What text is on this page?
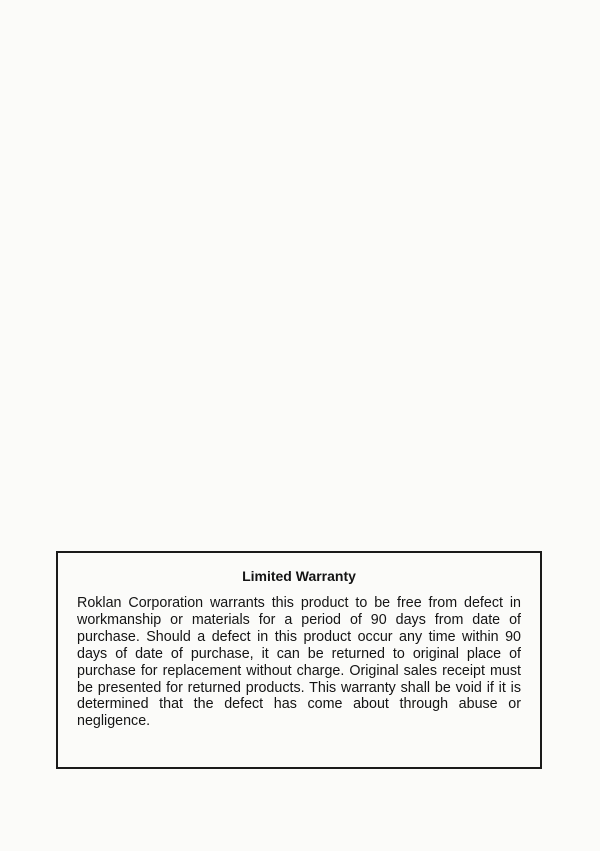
Limited Warranty

Roklan Corporation warrants this product to be free from defect in workmanship or materials for a period of 90 days from date of purchase. Should a defect in this product occur any time within 90 days of date of purchase, it can be returned to original place of purchase for replacement without charge. Original sales receipt must be presented for returned products. This warranty shall be void if it is determined that the defect has come about through abuse or negligence.
